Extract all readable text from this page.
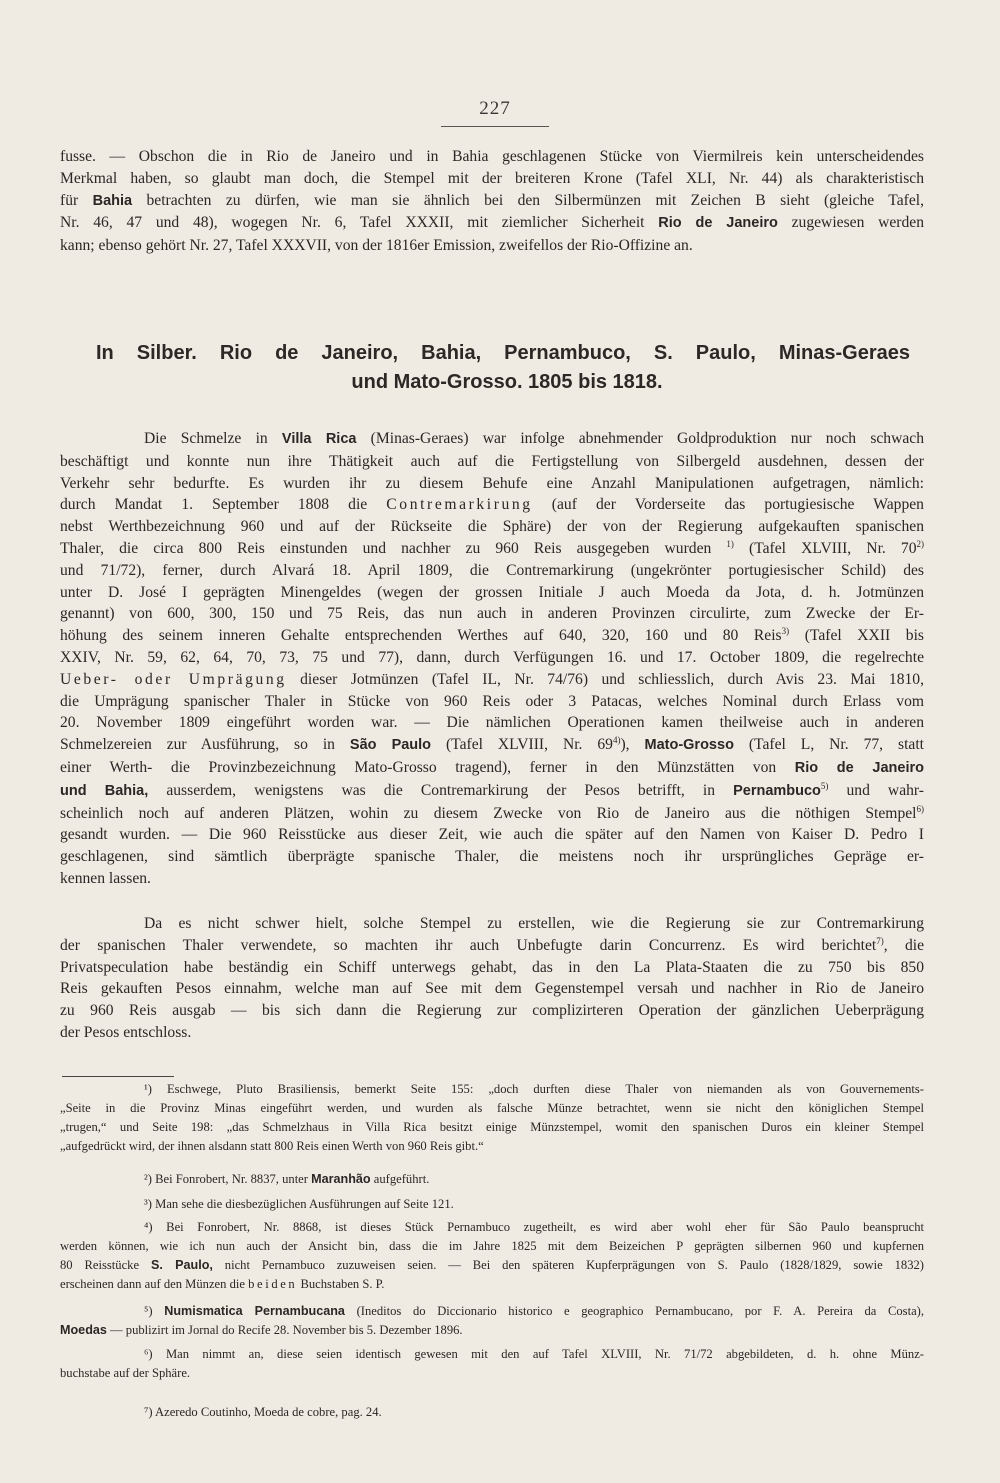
227

fusse. — Obschon die in Rio de Janeiro und in Bahia geschlagenen Stücke von Viermilreis kein unterscheidendes
Merkmal haben, so glaubt man doch, die Stempel mit der breiteren Krone (Tafel XLI, Nr. 44) als charakteristisch
für Bahia betrachten zu dürfen, wie man sie ähnlich bei den Silbermünzen mit Zeichen B sieht (gleiche Tafel,
Nr. 46, 47 und 48), wogegen Nr. 6, Tafel XXXII, mit ziemlicher Sicherheit Rio de Janeiro zugewiesen werden
kann; ebenso gehört Nr. 27, Tafel XXXVII, von der 1816er Emission, zweifellos der Rio-Offizine an.

In Silber. Rio de Janeiro, Bahia, Pernambuco, S. Paulo, Minas-Geraes
und Mato-Grosso. 1805 bis 1818.

Die Schmelze in Villa Rica (Minas-Geraes) war infolge abnehmender Goldproduktion nur noch schwach
beschäftigt und konnte nun ihre Thätigkeit auch auf die Fertigstellung von Silbergeld ausdehnen, dessen der
Verkehr sehr bedurfte. Es wurden ihr zu diesem Behufe eine Anzahl Manipulationen aufgetragen, nämlich:
durch Mandat 1. September 1808 die Contremarkirung (auf der Vorderseite das portugiesische Wappen
nebst Werthbezeichnung 960 und auf der Rückseite die Sphäre) der von der Regierung aufgekauften spanischen
Thaler, die circa 800 Reis einstunden und nachher zu 960 Reis ausgegeben wurden $^{1)}$ (Tafel XLVIII, Nr. 70$^{2)}$
und 71/72), ferner, durch Alvará 18. April 1809, die Contremarkirung (ungekrönter portugiesischer Schild) des
unter D. José I geprägten Minengeldes (wegen der grossen Initiale J auch Moeda da Jota, d. h. Jotmünzen
genannt) von 600, 300, 150 und 75 Reis, das nun auch in anderen Provinzen circulirte, zum Zwecke der Er-
höhung des seinem inneren Gehalte entsprechenden Werthes auf 640, 320, 160 und 80 Reis$^{3)}$ (Tafel XXII bis
XXIV, Nr. 59, 62, 64, 70, 73, 75 und 77), dann, durch Verfügungen 16. und 17. October 1809, die regelrechte
Ueber- oder Umprägung dieser Jotmünzen (Tafel IL, Nr. 74/76) und schliesslich, durch Avis 23. Mai 1810,
die Umprägung spanischer Thaler in Stücke von 960 Reis oder 3 Patacas, welches Nominal durch Erlass vom
20. November 1809 eingeführt worden war. — Die nämlichen Operationen kamen theilweise auch in anderen
Schmelzereien zur Ausführung, so in São Paulo (Tafel XLVIII, Nr. 69$^{4)}$), Mato-Grosso (Tafel L, Nr. 77, statt
einer Werth- die Provinzbezeichnung Mato-Grosso tragend), ferner in den Münzstätten von Rio de Janeiro
und Bahia, ausserdem, wenigstens was die Contremarkirung der Pesos betrifft, in Pernambuco$^{5)}$ und wahr-
scheinlich noch auf anderen Plätzen, wohin zu diesem Zwecke von Rio de Janeiro aus die nöthigen Stempel$^{6)}$
gesandt wurden. — Die 960 Reisstücke aus dieser Zeit, wie auch die später auf den Namen von Kaiser D. Pedro I
geschlagenen, sind sämtlich überprägte spanische Thaler, die meistens noch ihr ursprüngliches Gepräge er-
kennen lassen.

Da es nicht schwer hielt, solche Stempel zu erstellen, wie die Regierung sie zur Contremarkirung
der spanischen Thaler verwendete, so machten ihr auch Unbefugte darin Concurrenz. Es wird berichtet$^{7)}$, die
Privatspeculation habe beständig ein Schiff unterwegs gehabt, das in den La Plata-Staaten die zu 750 bis 850
Reis gekauften Pesos einnahm, welche man auf See mit dem Gegenstempel versah und nachher in Rio de Janeiro
zu 960 Reis ausgab — bis sich dann die Regierung zur complizirteren Operation der gänzlichen Ueberprägung
der Pesos entschloss.

¹) Eschwege, Pluto Brasiliensis, bemerkt Seite 155: „doch durften diese Thaler von niemanden als von Gouvernements-
„Seite in die Provinz Minas eingeführt werden, und wurden als falsche Münze betrachtet, wenn sie nicht den königlichen Stempel
„trugen,“ und Seite 198: „das Schmelzhaus in Villa Rica besitzt einige Münzstempel, womit den spanischen Duros ein kleiner Stempel
„aufgedrückt wird, der ihnen alsdann statt 800 Reis einen Werth von 960 Reis gibt.“

²) Bei Fonrobert, Nr. 8837, unter Maranhão aufgeführt.

³) Man sehe die diesbezüglichen Ausführungen auf Seite 121.

⁴) Bei Fonrobert, Nr. 8868, ist dieses Stück Pernambuco zugetheilt, es wird aber wohl eher für São Paulo beansprucht
werden können, wie ich nun auch der Ansicht bin, dass die im Jahre 1825 mit dem Beizeichen P geprägten silbernen 960 und kupfernen
80 Reisstücke S. Paulo, nicht Pernambuco zuzuweisen seien. — Bei den späteren Kupferprägungen von S. Paulo (1828/1829, sowie 1832)
erscheinen dann auf den Münzen die beiden Buchstaben S. P.

⁵) Numismatica Pernambucana (Ineditos do Diccionario historico e geographico Pernambucano, por F. A. Pereira da Costa),
Moedas — publizirt im Jornal do Recife 28. November bis 5. Dezember 1896.

⁶) Man nimmt an, diese seien identisch gewesen mit den auf Tafel XLVIII, Nr. 71/72 abgebildeten, d. h. ohne Münz-
buchstabe auf der Sphäre.

⁷) Azeredo Coutinho, Moeda de cobre, pag. 24.
